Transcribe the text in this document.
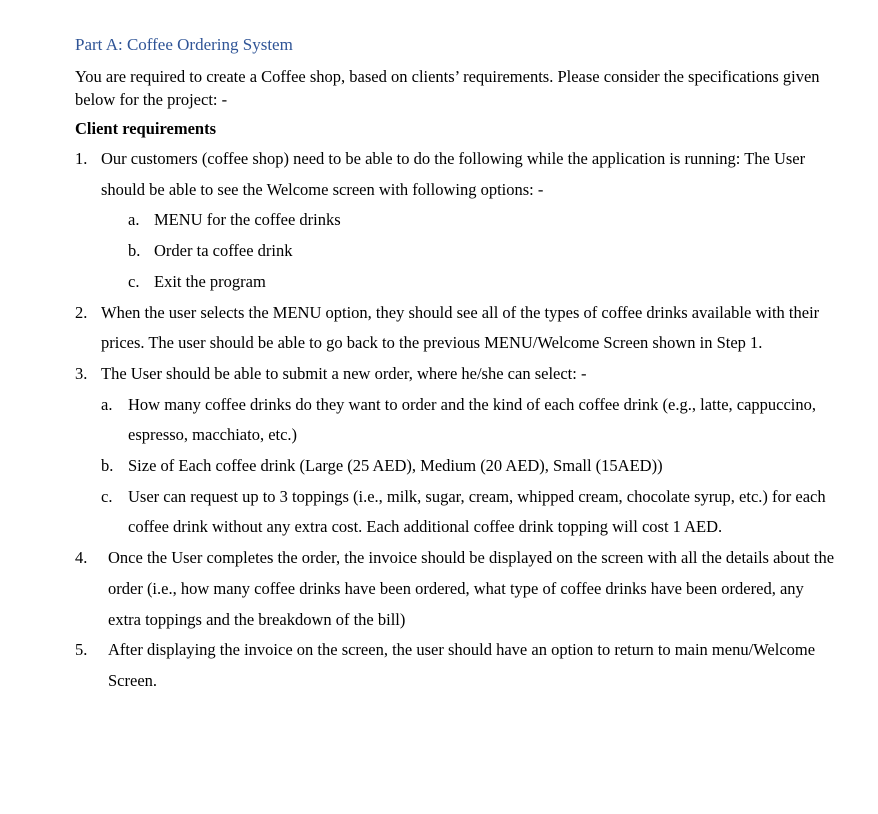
Part A: Coffee Ordering System
You are required to create a Coffee shop, based on clients’ requirements. Please consider the specifications given below for the project: -
Client requirements
1. Our customers (coffee shop) need to be able to do the following while the application is running: The User should be able to see the Welcome screen with following options: -
a. MENU for the coffee drinks
b. Order ta coffee drink
c. Exit the program
2. When the user selects the MENU option, they should see all of the types of coffee drinks available with their prices. The user should be able to go back to the previous MENU/Welcome Screen shown in Step 1.
3. The User should be able to submit a new order, where he/she can select: -
a. How many coffee drinks do they want to order and the kind of each coffee drink (e.g., latte, cappuccino, espresso, macchiato, etc.)
b. Size of Each coffee drink (Large (25 AED), Medium (20 AED), Small (15AED))
c. User can request up to 3 toppings (i.e., milk, sugar, cream, whipped cream, chocolate syrup, etc.) for each coffee drink without any extra cost. Each additional coffee drink topping will cost 1 AED.
4.	Once the User completes the order, the invoice should be displayed on the screen with all the details about the order (i.e., how many coffee drinks have been ordered, what type of coffee drinks have been ordered, any extra toppings and the breakdown of the bill)
5.	After displaying the invoice on the screen, the user should have an option to return to main menu/Welcome Screen.
